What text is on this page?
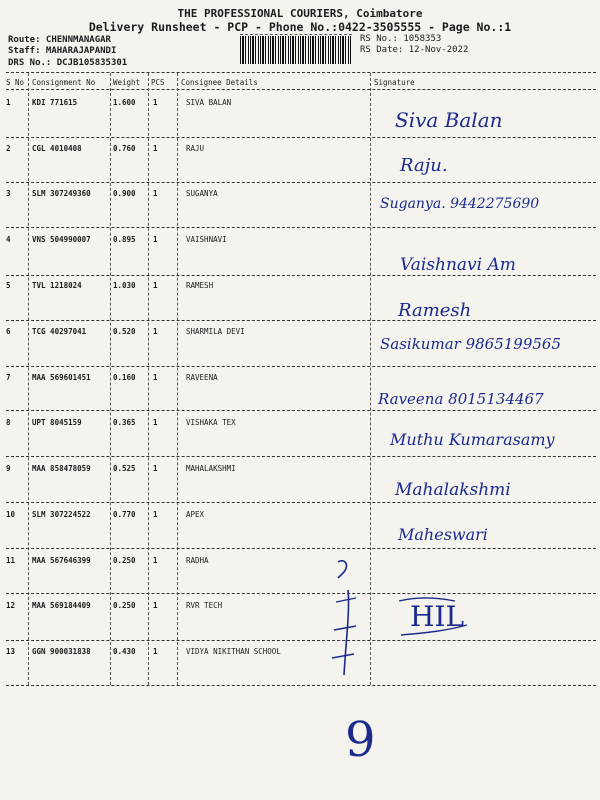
THE PROFESSIONAL COURIERS, Coimbatore
Delivery Runsheet - PCP - Phone No.:0422-3505555 - Page No.:1
Route: CHENNMANAGAR
Staff: MAHARAJAPANDI
DRS No.: DCJB105835301
RS No.: 1058353
RS Date: 12-Nov-2022
S No Consignment No Weight PCS Consignee Details	Signature
1	KDI 771615	1.600 1	SIVA BALAN
Siva Balan
2	CGL 4010408	0.760 1	RAJU
Raju.
3	SLM 307249360	0.900 1	SUGANYA
Suganya. 9442275690
4	VNS 504990007	0.895 1	VAISHNAVI
Vaishnavi Am
5	TVL 1218024	1.030 1	RAMESH
Ramesh
6	TCG 40297041	0.520 1	SHARMILA DEVI
Sasikumar 9865199565
7	MAA 569601451	0.160 1	RAVEENA
Raveena 8015134467
8	UPT 8045159	0.365 1	VISHAKA TEX
Muthu Kumarasamy
9	MAA 858478059	0.525 1	MAHALAKSHMI
Mahalakshmi
10 SLM 307224522	0.770 1	APEX
Maheswari
11 MAA 567646399	0.250 1	RADHA
12 MAA 569184409	0.250 1	RVR TECH	HIL
13 GGN 900031838	0.430 1	VIDYA NIKITHAN SCHOOL
9
